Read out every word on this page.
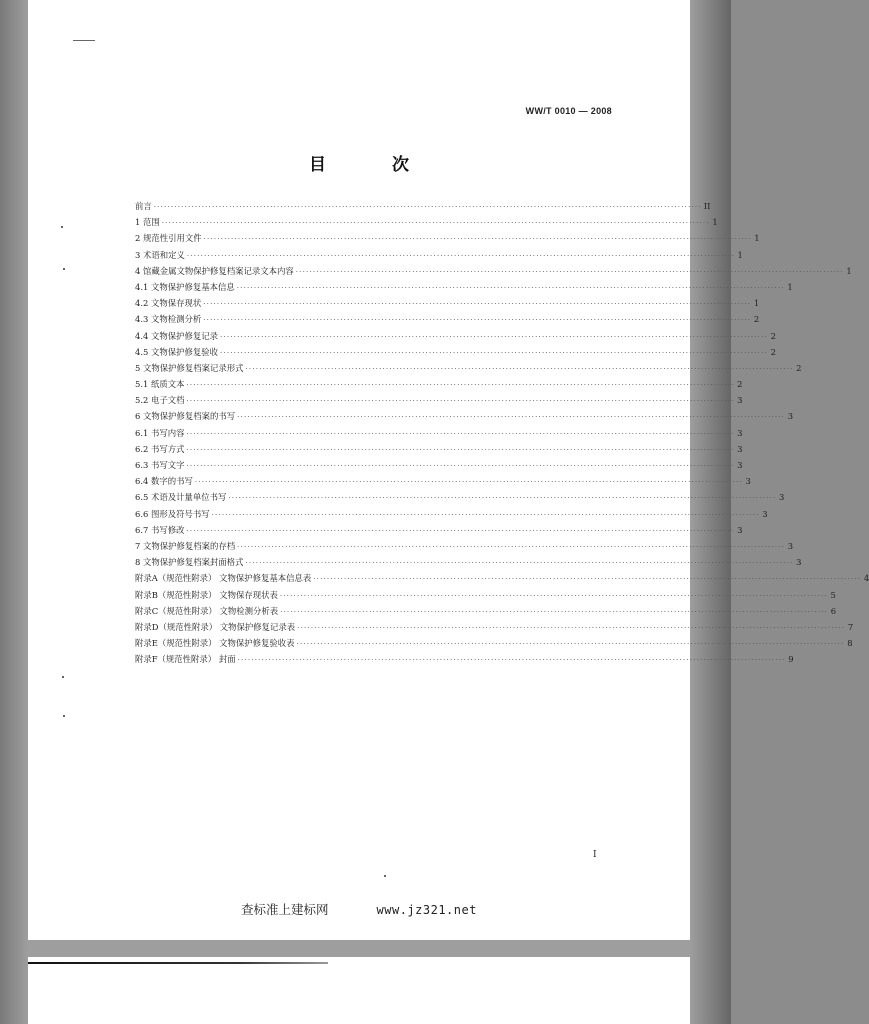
WW/T 0010 — 2008
目 次
前言 ································································································································································ II
1 范围 ································································································································································ 1
2 规范性引用文件 ································································································································································ 1
3 术语和定义 ································································································································································ 1
4 馆藏金属文物保护修复档案记录文本内容 ································································································································································ 1
4.1 文物保护修复基本信息 ································································································································································ 1
4.2 文物保存现状 ································································································································································ 1
4.3 文物检测分析 ································································································································································ 2
4.4 文物保护修复记录 ································································································································································ 2
4.5 文物保护修复验收 ································································································································································ 2
5 文物保护修复档案记录形式 ································································································································································ 2
5.1 纸质文本 ································································································································································ 2
5.2 电子文档 ································································································································································ 3
6 文物保护修复档案的书写 ································································································································································ 3
6.1 书写内容 ································································································································································ 3
6.2 书写方式 ································································································································································ 3
6.3 书写文字 ································································································································································ 3
6.4 数字的书写 ································································································································································ 3
6.5 术语及计量单位书写 ································································································································································ 3
6.6 图形及符号书写 ································································································································································ 3
6.7 书写修改 ································································································································································ 3
7 文物保护修复档案的存档 ································································································································································ 3
8 文物保护修复档案封面格式 ································································································································································ 3
附录A（规范性附录） 文物保护修复基本信息表 ································································································································································ 4
附录B（规范性附录） 文物保存现状表 ································································································································································ 5
附录C（规范性附录） 文物检测分析表 ································································································································································ 6
附录D（规范性附录） 文物保护修复记录表 ································································································································································ 7
附录E（规范性附录） 文物保护修复验收表 ································································································································································ 8
附录F（规范性附录） 封面 ································································································································································ 9
I
查标准上建标网	www.jz321.net
